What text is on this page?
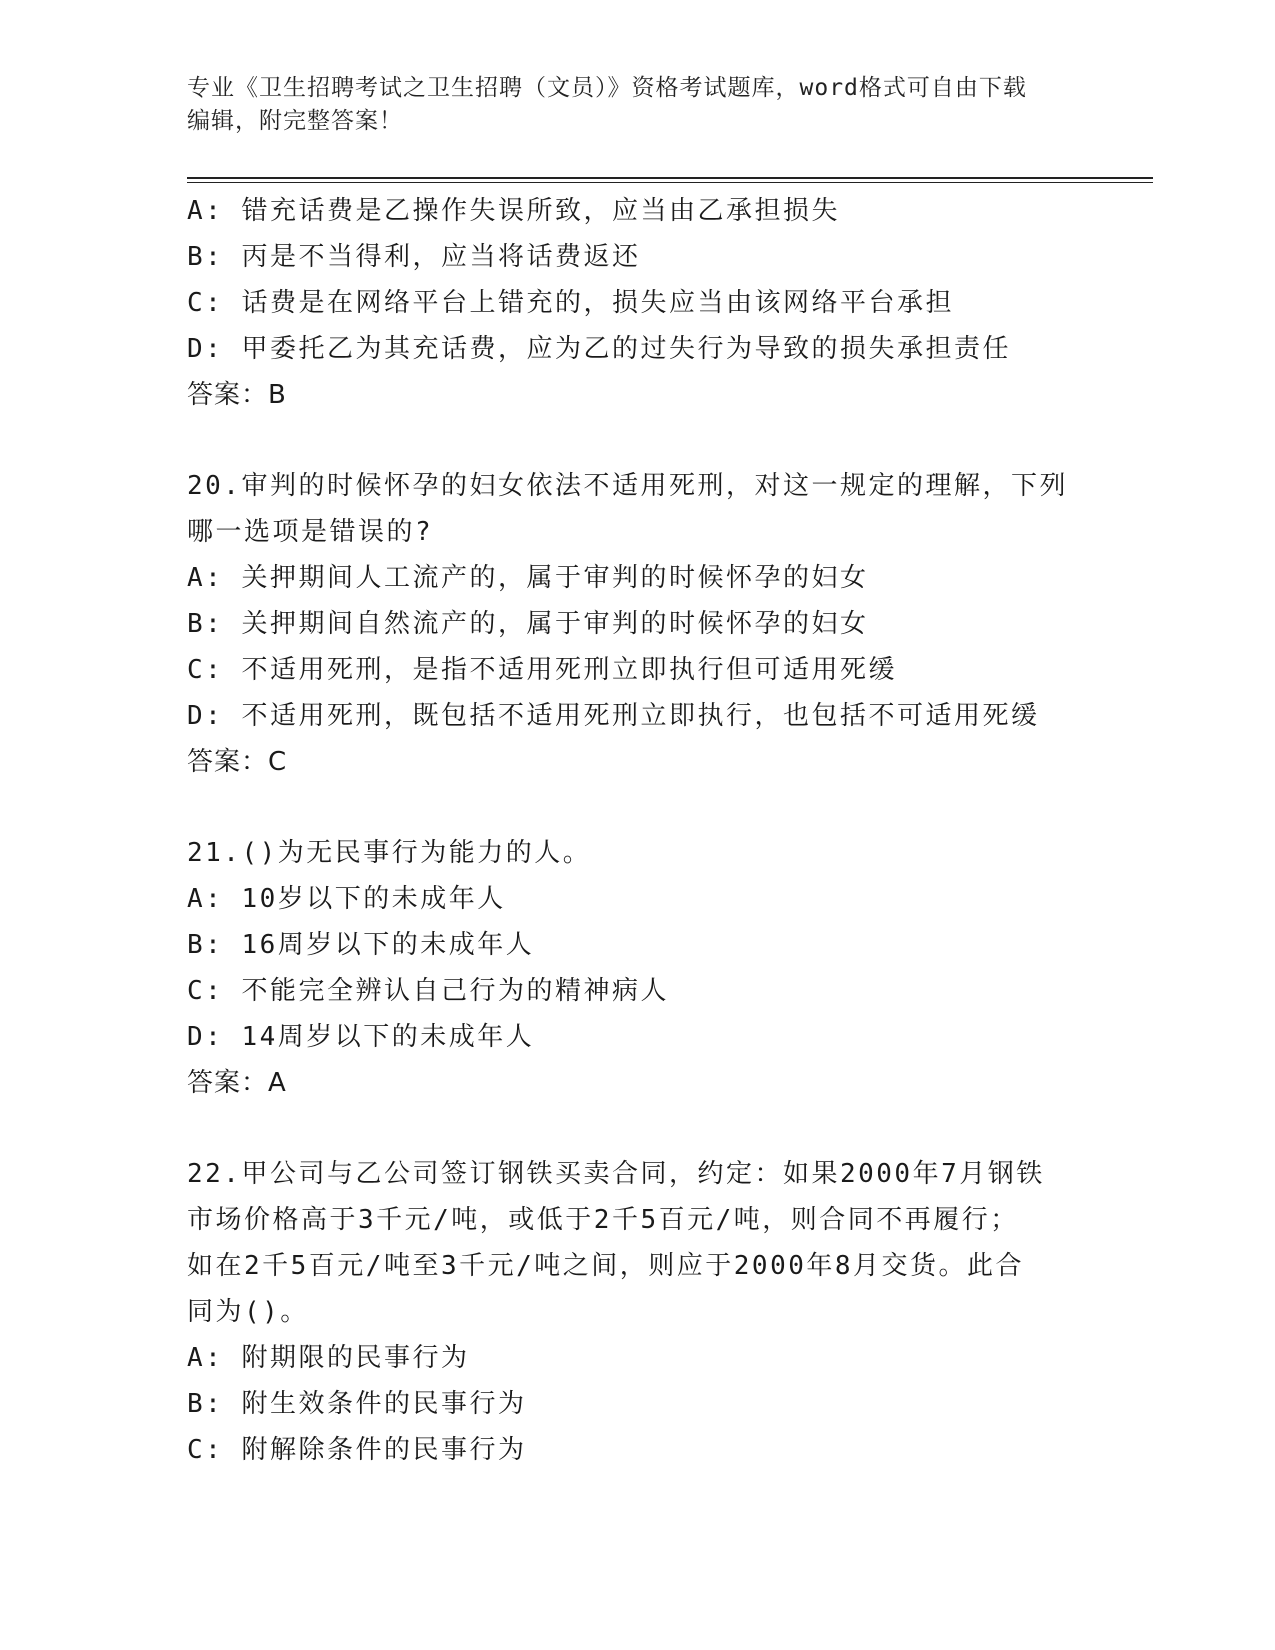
专业《卫生招聘考试之卫生招聘（文员）》资格考试题库，word格式可自由下载
编辑，附完整答案！
A: 错充话费是乙操作失误所致，应当由乙承担损失
B: 丙是不当得利，应当将话费返还
C: 话费是在网络平台上错充的，损失应当由该网络平台承担
D: 甲委托乙为其充话费，应为乙的过失行为导致的损失承担责任
答案：B
20.审判的时候怀孕的妇女依法不适用死刑，对这一规定的理解，下列
哪一选项是错误的?
A: 关押期间人工流产的，属于审判的时候怀孕的妇女
B: 关押期间自然流产的，属于审判的时候怀孕的妇女
C: 不适用死刑，是指不适用死刑立即执行但可适用死缓
D: 不适用死刑，既包括不适用死刑立即执行，也包括不可适用死缓
答案：C
21.()为无民事行为能力的人。
A: 10岁以下的未成年人
B: 16周岁以下的未成年人
C: 不能完全辨认自己行为的精神病人
D: 14周岁以下的未成年人
答案：A
22.甲公司与乙公司签订钢铁买卖合同，约定：如果2000年7月钢铁
市场价格高于3千元/吨，或低于2千5百元/吨，则合同不再履行；
如在2千5百元/吨至3千元/吨之间，则应于2000年8月交货。此合
同为()。
A: 附期限的民事行为
B: 附生效条件的民事行为
C: 附解除条件的民事行为
